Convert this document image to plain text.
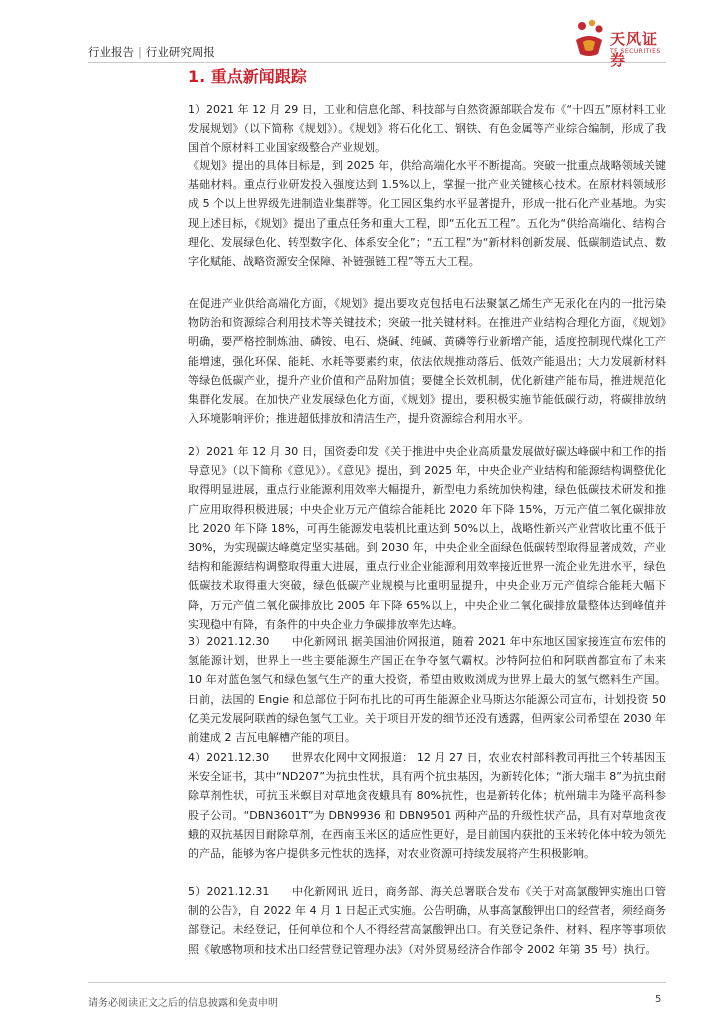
行业报告 | 行业研究周报
天风证券
TF SECURITIES
1. 重点新闻跟踪

1）2021 年 12 月 29 日，工业和信息化部、科技部与自然资源部联合发布《“十四五”原材料工业发展规划》（以下简称《规划》）。《规划》将石化化工、钢铁、有色金属等产业综合编制，形成了我国首个原材料工业国家级整合产业规划。

《规划》提出的具体目标是，到 2025 年，供给高端化水平不断提高。突破一批重点战略领域关键基础材料。重点行业研发投入强度达到 1.5%以上，掌握一批产业关键核心技术。在原材料领域形成 5 个以上世界级先进制造业集群等。化工园区集约水平显著提升，形成一批石化产业基地。为实现上述目标，《规划》提出了重点任务和重大工程，即“五化五工程”。五化为“供给高端化、结构合理化、发展绿色化、转型数字化、体系安全化”；“五工程”为“新材料创新发展、低碳制造试点、数字化赋能、战略资源安全保障、补链强链工程”等五大工程。

在促进产业供给高端化方面，《规划》提出要攻克包括电石法聚氯乙烯生产无汞化在内的一批污染物防治和资源综合利用技术等关键技术；突破一批关键材料。在推进产业结构合理化方面，《规划》明确，要严格控制炼油、磷铵、电石、烧碱、纯碱、黄磷等行业新增产能，适度控制现代煤化工产能增速，强化环保、能耗、水耗等要素约束，依法依规推动落后、低效产能退出；大力发展新材料等绿色低碳产业，提升产业价值和产品附加值；要健全长效机制，优化新建产能布局，推进规范化集群化发展。在加快产业发展绿色化方面，《规划》提出，要积极实施节能低碳行动，将碳排放纳入环境影响评价；推进超低排放和清洁生产，提升资源综合利用水平。

2）2021 年 12 月 30 日，国资委印发《关于推进中央企业高质量发展做好碳达峰碳中和工作的指导意见》（以下简称《意见》）。《意见》提出，到 2025 年，中央企业产业结构和能源结构调整优化取得明显进展，重点行业能源利用效率大幅提升，新型电力系统加快构建，绿色低碳技术研发和推广应用取得积极进展；中央企业万元产值综合能耗比 2020 年下降 15%，万元产值二氧化碳排放比 2020 年下降 18%，可再生能源发电装机比重达到 50%以上，战略性新兴产业营收比重不低于 30%，为实现碳达峰奠定坚实基础。到 2030 年，中央企业全面绿色低碳转型取得显著成效，产业结构和能源结构调整取得重大进展，重点行业企业能源利用效率接近世界一流企业先进水平，绿色低碳技术取得重大突破，绿色低碳产业规模与比重明显提升，中央企业万元产值综合能耗大幅下降，万元产值二氧化碳排放比 2005 年下降 65%以上，中央企业二氧化碳排放量整体达到峰值并实现稳中有降，有条件的中央企业力争碳排放率先达峰。

3）2021.12.30　　中化新网讯 据美国油价网报道，随着 2021 年中东地区国家接连宣布宏伟的氢能源计划，世界上一些主要能源生产国正在争夺氢气霸权。沙特阿拉伯和阿联酋都宣布了未来 10 年对蓝色氢气和绿色氢气生产的重大投资，希望由败败浏成为世界上最大的氢气燃料生产国。日前，法国的 Engie 和总部位于阿布扎比的可再生能源企业马斯达尔能源公司宣布，计划投资 50 亿美元发展阿联酋的绿色氢气工业。关于项目开发的细节还没有透露，但两家公司希望在 2030 年前建成 2 吉瓦电解槽产能的项目。

4）2021.12.30　　世界农化网中文网报道： 12 月 27 日，农业农村部科教司再批三个转基因玉米安全证书，其中“ND207”为抗虫性状，具有两个抗虫基因，为新转化体；“浙大瑞丰 8”为抗虫耐除草剂性状，可抗玉米螟目对草地贪夜蛾具有 80%抗性，也是新转化体；杭州瑞丰为隆平高科参股子公司。“DBN3601T”为 DBN9936 和 DBN9501 两种产品的升级性状产品，具有对草地贪夜蛾的双抗基因目耐除草剂，在西南玉米区的适应性更好，是目前国内获批的玉米转化体中较为领先的产品，能够为客户提供多元性状的选择，对农业资源可持续发展将产生积极影响。

5）2021.12.31　　中化新网讯 近日，商务部、海关总署联合发布《关于对高氯酸钾实施出口管制的公告》，自 2022 年 4 月 1 日起正式实施。公告明确，从事高氯酸钾出口的经营者，须经商务部登记。未经登记，任何单位和个人不得经营高氯酸钾出口。有关登记条件、材料、程序等事项依照《敏感物项和技术出口经营登记管理办法》（对外贸易经济合作部令 2002 年第 35 号）执行。

请务必阅读正文之后的信息披露和免责申明	5
